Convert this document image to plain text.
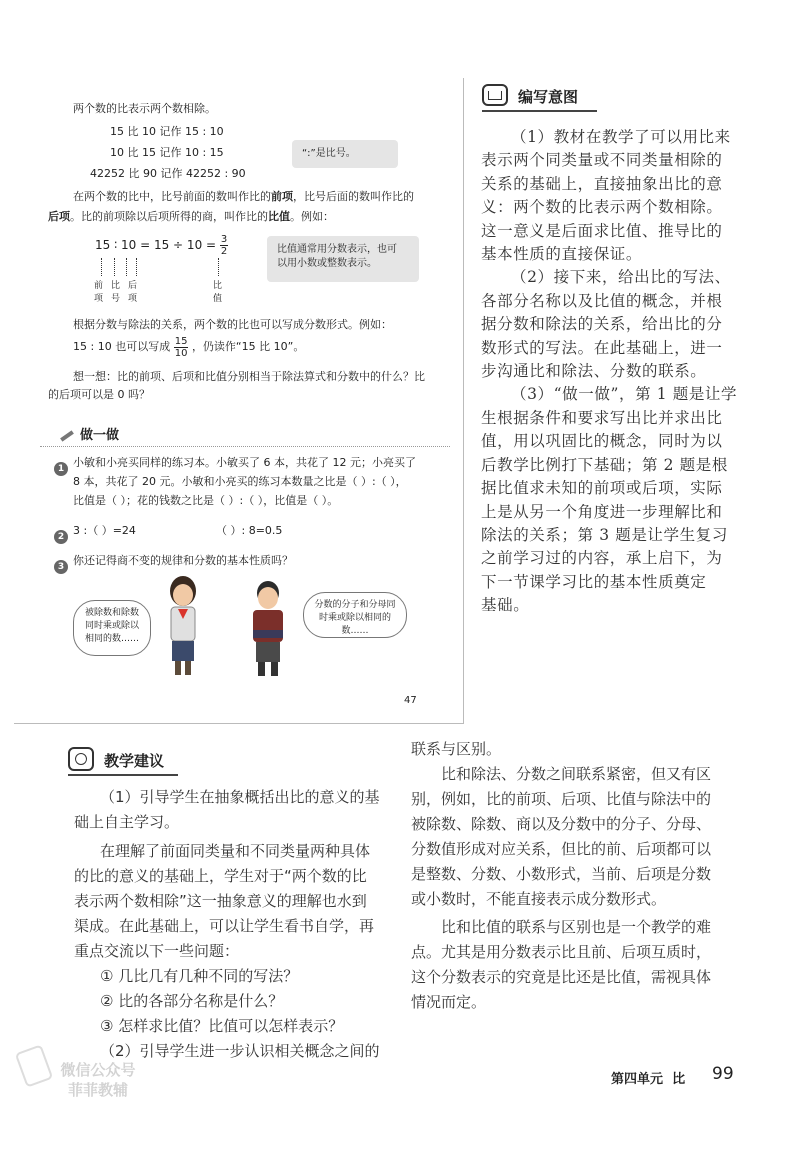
两个数的比表示两个数相除。
15 比 10 记作 15 : 10
10 比 15 记作 10 : 15
42252 比 90 记作 42252 : 90
“:”是比号。
在两个数的比中，比号前面的数叫作比的前项，比号后面的数叫作比的
后项。比的前项除以后项所得的商，叫作比的比值。例如：
15 ∶ $10 = 15 \div 10 = \frac{3}{2}$
前 项
比 号
后 项
比 值
比值通常用分数表示，也可
以用小数或整数表示。
根据分数与除法的关系，两个数的比也可以写成分数形式。例如：
15 : 10 也可以写成 $\frac{15}{10}$ ，仍读作“15 比 10”。
想一想：比的前项、后项和比值分别相当于除法算式和分数中的什么？比
的后项可以是 0 吗？
做一做
1 小敏和小亮买同样的练习本。小敏买了 6 本，共花了 12 元；小亮买了
8 本，共花了 20 元。小敏和小亮买的练习本数量之比是（ ）:（ ），
比值是（ ）；花的钱数之比是（ ）:（ ），比值是（ ）。
2 3 :（ ）=24	（ ）: 8=0.5
3 你还记得商不变的规律和分数的基本性质吗？
被除数和除数同时乘或除以相同的数……
分数的分子和分母同时乘或除以相同的数……
47
编写意图
（1）教材在教学了可以用比来
表示两个同类量或不同类量相除的
关系的基础上，直接抽象出比的意
义：两个数的比表示两个数相除。
这一意义是后面求比值、推导比的
基本性质的直接保证。
（2）接下来，给出比的写法、
各部分名称以及比值的概念，并根
据分数和除法的关系，给出比的分
数形式的写法。在此基础上，进一
步沟通比和除法、分数的联系。
（3）“做一做”，第 1 题是让学
生根据条件和要求写出比并求出比
值，用以巩固比的概念，同时为以
后教学比例打下基础；第 2 题是根
据比值求未知的前项或后项，实际
上是从另一个角度进一步理解比和
除法的关系；第 3 题是让学生复习
之前学习过的内容，承上启下，为
下一节课学习比的基本性质奠定
基础。
教学建议
（1）引导学生在抽象概括出比的意义的基
础上自主学习。
在理解了前面同类量和不同类量两种具体
的比的意义的基础上，学生对于“两个数的比
表示两个数相除”这一抽象意义的理解也水到
渠成。在此基础上，可以让学生看书自学，再
重点交流以下一些问题：
① 几比几有几种不同的写法？
② 比的各部分名称是什么？
③ 怎样求比值？比值可以怎样表示？
（2）引导学生进一步认识相关概念之间的
联系与区别。
比和除法、分数之间联系紧密，但又有区
别，例如，比的前项、后项、比值与除法中的
被除数、除数、商以及分数中的分子、分母、
分数值形成对应关系，但比的前、后项都可以
是整数、分数、小数形式，当前、后项是分数
或小数时，不能直接表示成分数形式。
比和比值的联系与区别也是一个教学的难
点。尤其是用分数表示比且前、后项互质时，
这个分数表示的究竟是比还是比值，需视具体
情况而定。
微信公众号
菲菲教辅
第四单元 比 99
